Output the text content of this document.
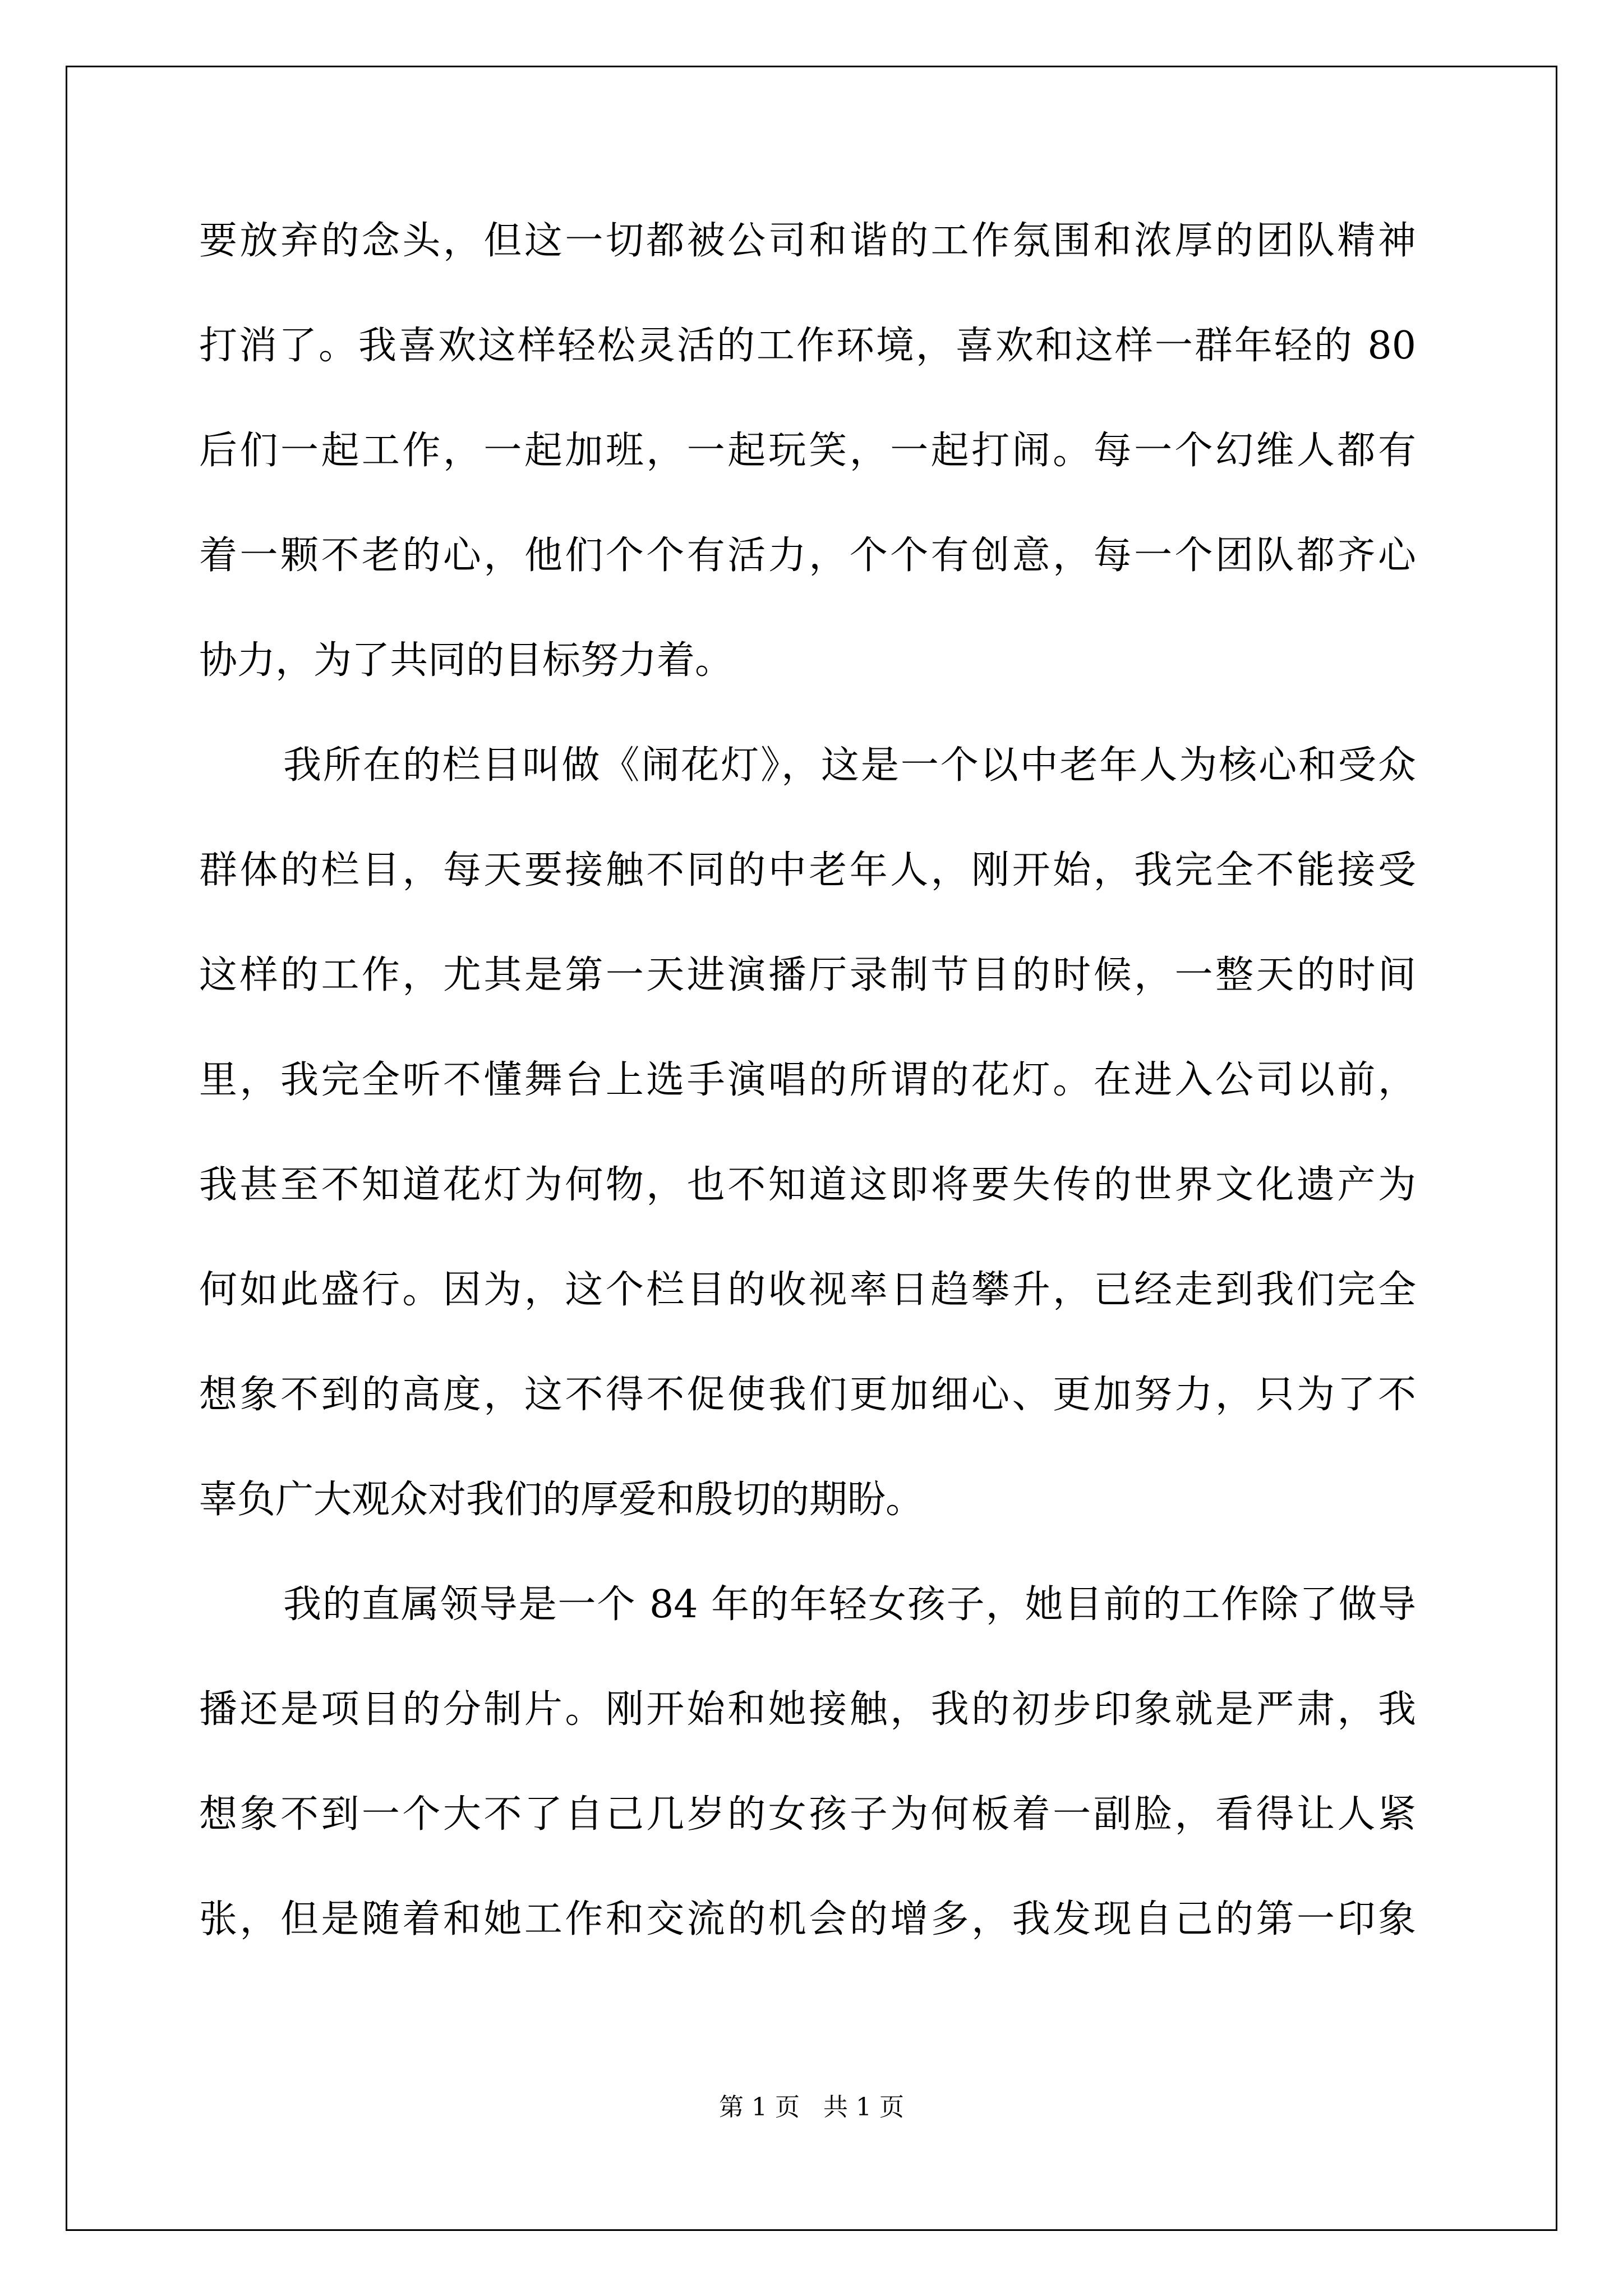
要放弃的念头，但这一切都被公司和谐的工作氛围和浓厚的团队精神
打消了。我喜欢这样轻松灵活的工作环境，喜欢和这样一群年轻的 80
后们一起工作，一起加班，一起玩笑，一起打闹。每一个幻维人都有
着一颗不老的心，他们个个有活力，个个有创意，每一个团队都齐心
协力，为了共同的目标努力着。
我所在的栏目叫做《闹花灯》，这是一个以中老年人为核心和受众
群体的栏目，每天要接触不同的中老年人，刚开始，我完全不能接受
这样的工作，尤其是第一天进演播厅录制节目的时候，一整天的时间
里，我完全听不懂舞台上选手演唱的所谓的花灯。在进入公司以前，
我甚至不知道花灯为何物，也不知道这即将要失传的世界文化遗产为
何如此盛行。因为，这个栏目的收视率日趋攀升，已经走到我们完全
想象不到的高度，这不得不促使我们更加细心、更加努力，只为了不
辜负广大观众对我们的厚爱和殷切的期盼。
我的直属领导是一个 84 年的年轻女孩子，她目前的工作除了做导
播还是项目的分制片。刚开始和她接触，我的初步印象就是严肃，我
想象不到一个大不了自己几岁的女孩子为何板着一副脸，看得让人紧
张，但是随着和她工作和交流的机会的增多，我发现自己的第一印象
第 1 页   共 1 页
